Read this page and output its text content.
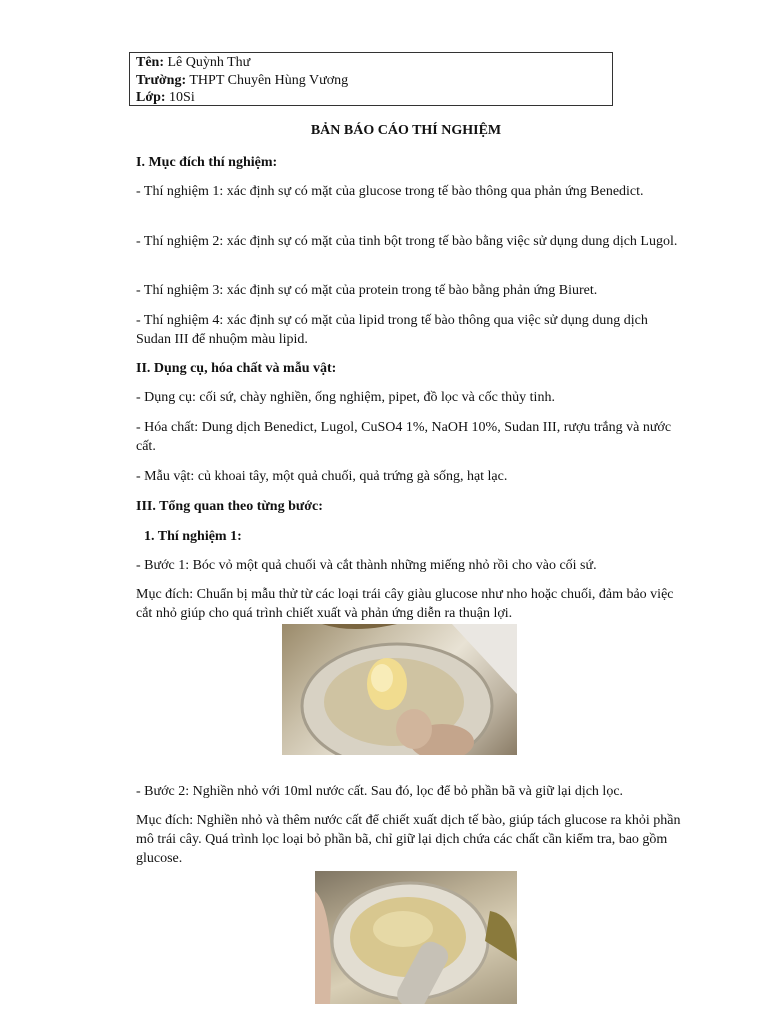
Tên: Lê Quỳnh Thư
Trường: THPT Chuyên Hùng Vương
Lớp: 10Si
BẢN BÁO CÁO THÍ NGHIỆM

I. Mục đích thí nghiệm:

- Thí nghiệm 1: xác định sự có mặt của glucose trong tế bào thông qua phản ứng Benedict.

- Thí nghiệm 2: xác định sự có mặt của tinh bột trong tế bào bằng việc sử dụng dung dịch Lugol.

- Thí nghiệm 3: xác định sự có mặt của protein trong tế bào bằng phản ứng Biuret.

- Thí nghiệm 4: xác định sự có mặt của lipid trong tế bào thông qua việc sử dụng dung dịch Sudan III để nhuộm màu lipid.

II. Dụng cụ, hóa chất và mẫu vật:

- Dụng cụ: cối sứ, chày nghiền, ống nghiệm, pipet, đồ lọc và cốc thủy tinh.

- Hóa chất: Dung dịch Benedict, Lugol, CuSO4 1%, NaOH 10%, Sudan III, rượu trắng và nước cất.

- Mẫu vật: củ khoai tây, một quả chuối, quả trứng gà sống, hạt lạc.

III. Tổng quan theo từng bước:

1. Thí nghiệm 1:

- Bước 1: Bóc vỏ một quả chuối và cắt thành những miếng nhỏ rồi cho vào cối sứ.

Mục đích: Chuẩn bị mẫu thử từ các loại trái cây giàu glucose như nho hoặc chuối, đảm bảo việc cắt nhỏ giúp cho quá trình chiết xuất và phản ứng diễn ra thuận lợi.

- Bước 2: Nghiền nhỏ với 10ml nước cất. Sau đó, lọc để bỏ phần bã và giữ lại dịch lọc.

Mục đích: Nghiền nhỏ và thêm nước cất để chiết xuất dịch tế bào, giúp tách glucose ra khỏi phần mô trái cây. Quá trình lọc loại bỏ phần bã, chỉ giữ lại dịch chứa các chất cần kiểm tra, bao gồm glucose.
